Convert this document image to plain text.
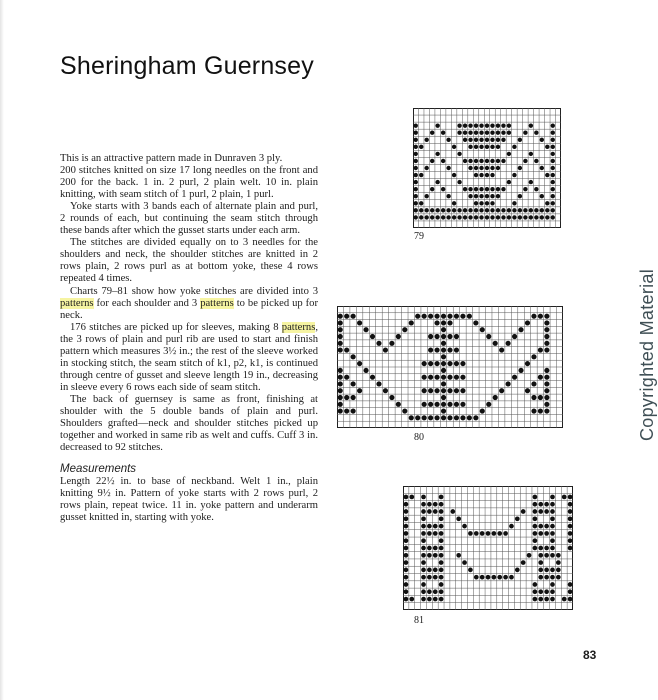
Sheringham Guernsey

This is an attractive pattern made in Dunraven 3 ply.

200 stitches knitted on size 17 long needles on the front and 200 for the back. 1 in. 2 purl, 2 plain welt. 10 in. plain knitting, with seam stitch of 1 purl, 2 plain, 1 purl.

Yoke starts with 3 bands each of alternate plain and purl, 2 rounds of each, but continuing the seam stitch through these bands after which the gusset starts under each arm.

The stitches are divided equally on to 3 needles for the shoulders and neck, the shoulder stitches are knitted in 2 rows plain, 2 rows purl as at bottom yoke, these 4 rows repeated 4 times.

Charts 79–81 show how yoke stitches are divided into 3 patterns for each shoulder and 3 patterns to be picked up for neck.

176 stitches are picked up for sleeves, making 8 patterns, the 3 rows of plain and purl rib are used to start and finish pattern which measures 3½ in.; the rest of the sleeve worked in stocking stitch, the seam stitch of k1, p2, k1, is continued through centre of gusset and sleeve length 19 in., decreasing in sleeve every 6 rows each side of seam stitch.

The back of guernsey is same as front, finishing at shoulder with the 5 double bands of plain and purl. Shoulders grafted—neck and shoulder stitches picked up together and worked in same rib as welt and cuffs. Cuff 3 in. decreased to 92 stitches.

Measurements

Length 22½ in. to base of neckband. Welt 1 in., plain knitting 9½ in. Pattern of yoke starts with 2 rows purl, 2 rows plain, repeat twice. 11 in. yoke pattern and underarm gusset knitted in, starting with yoke.

79
80
81
Copyrighted Material
83
